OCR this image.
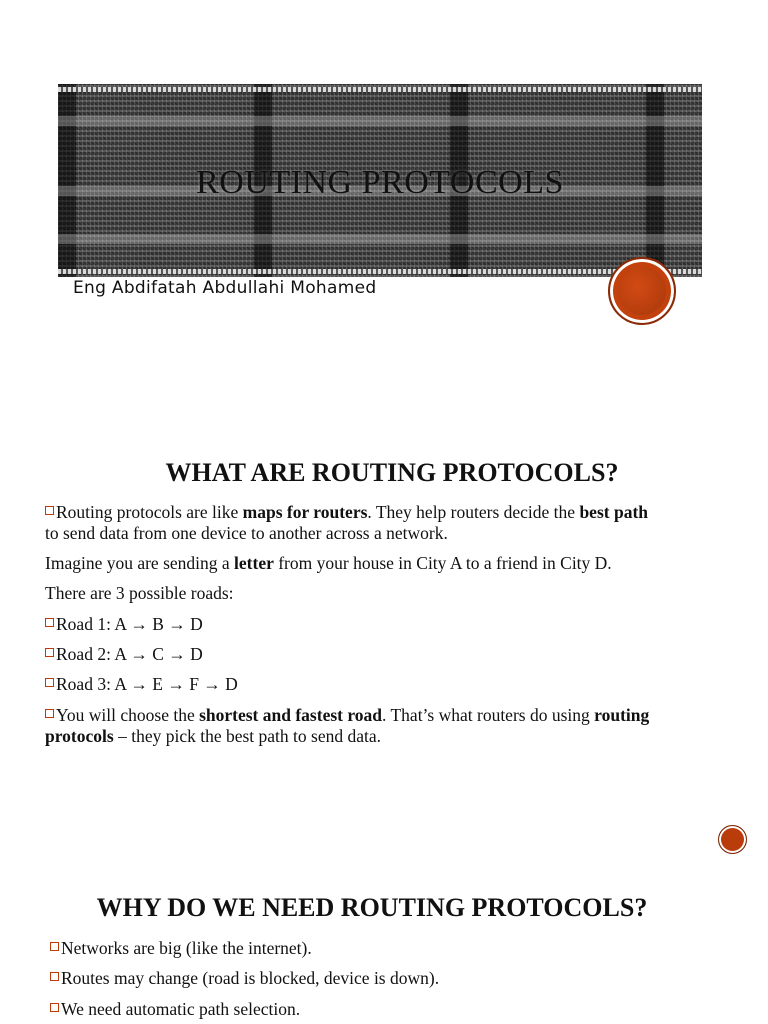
ROUTING PROTOCOLS
Eng Abdifatah Abdullahi Mohamed
WHAT ARE ROUTING PROTOCOLS?
Routing protocols are like maps for routers. They help routers decide the best path
to send data from one device to another across a network.
Imagine you are sending a letter from your house in City A to a friend in City D.
There are 3 possible roads:
Road 1: A → B → D
Road 2: A → C → D
Road 3: A → E → F → D
You will choose the shortest and fastest road. That’s what routers do using routing
protocols – they pick the best path to send data.
WHY DO WE NEED ROUTING PROTOCOLS?
Networks are big (like the internet).
Routes may change (road is blocked, device is down).
We need automatic path selection.
